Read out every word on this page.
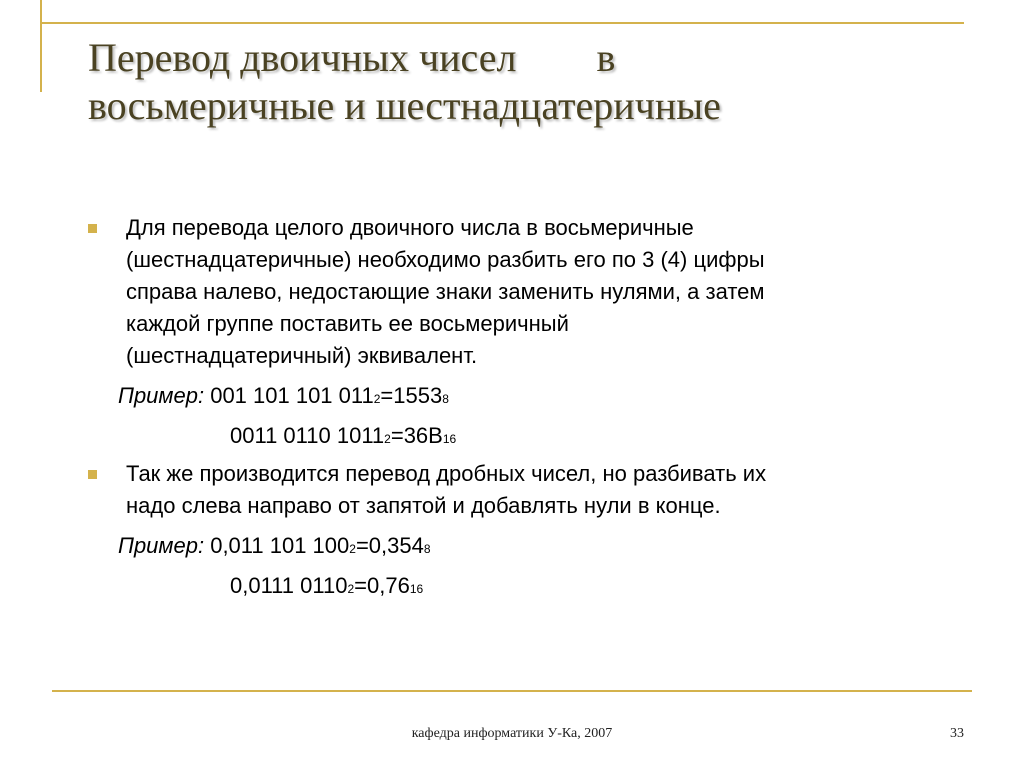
Перевод двоичных чисел        в
восьмеричные и шестнадцатеричные
Для перевода целого двоичного числа в восьмеричные
(шестнадцатеричные) необходимо разбить его по 3 (4) цифры
справа налево, недостающие знаки заменить нулями, а затем
каждой группе поставить ее восьмеричный
(шестнадцатеричный) эквивалент.
Пример: 001 101 101 0112=15538
0011 0110 10112=36B16
Так же производится перевод дробных чисел, но разбивать их
надо слева направо от запятой и добавлять нули в конце.
Пример: 0,011 101 1002=0,3548
0,0111 01102=0,7616
кафедра информатики У-Ка, 2007	33
